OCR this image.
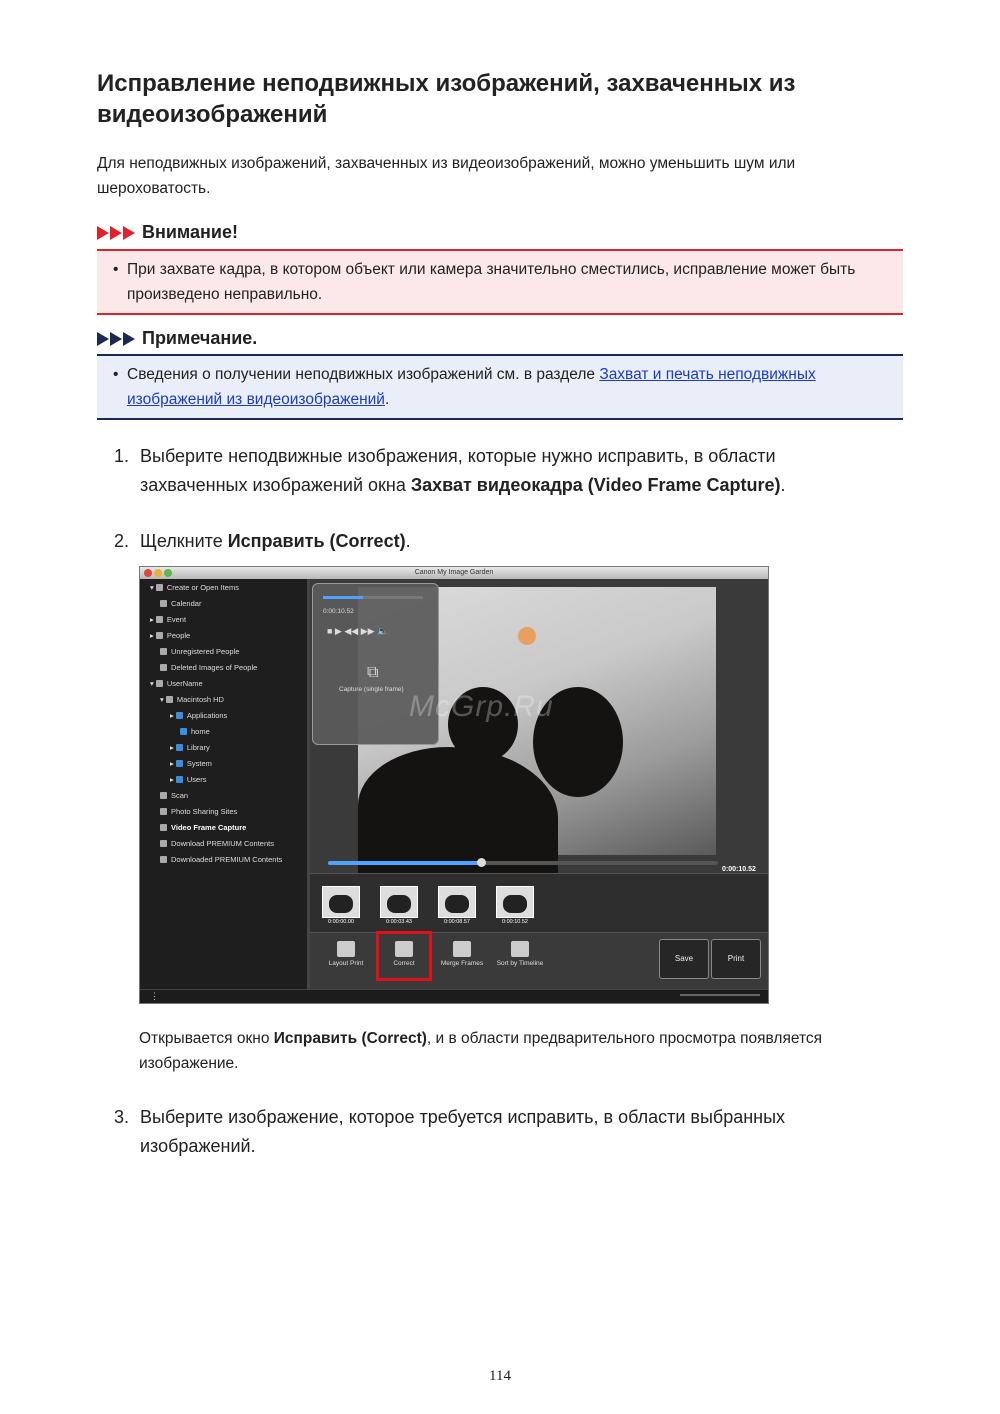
Исправление неподвижных изображений, захваченных из видеоизображений
Для неподвижных изображений, захваченных из видеоизображений, можно уменьшить шум или шероховатость.
Внимание!
• При захвате кадра, в котором объект или камера значительно сместились, исправление может быть произведено неправильно.
Примечание.
• Сведения о получении неподвижных изображений см. в разделе Захват и печать неподвижных изображений из видеоизображений.
1. Выберите неподвижные изображения, которые нужно исправить, в области захваченных изображений окна Захват видеокадра (Video Frame Capture).
2. Щелкните Исправить (Correct).
Canon My Image Garden
▾ Create or Open Items
Calendar
▸ Event
▸ People
Unregistered People
Deleted Images of People
▾ UserName
▾ Macintosh HD
▸ Applications
home
▸ Library
▸ System
▸ Users
Scan
Photo Sharing Sites
Video Frame Capture
Download PREMIUM Contents
Downloaded PREMIUM Contents
0:00:10.52
■ ▶ ◀◀ ▶▶ 🔈
⧉
Capture (single frame)
0:00:10.52
0:00:00.00	0:00:03.43	0:00:08.57	0:00:10.52
Layout Print	Correct	Merge Frames	Sort by Timeline
Save	Print
⋮
McGrp.Ru
Открывается окно Исправить (Correct), и в области предварительного просмотра появляется изображение.
3. Выберите изображение, которое требуется исправить, в области выбранных изображений.
114
